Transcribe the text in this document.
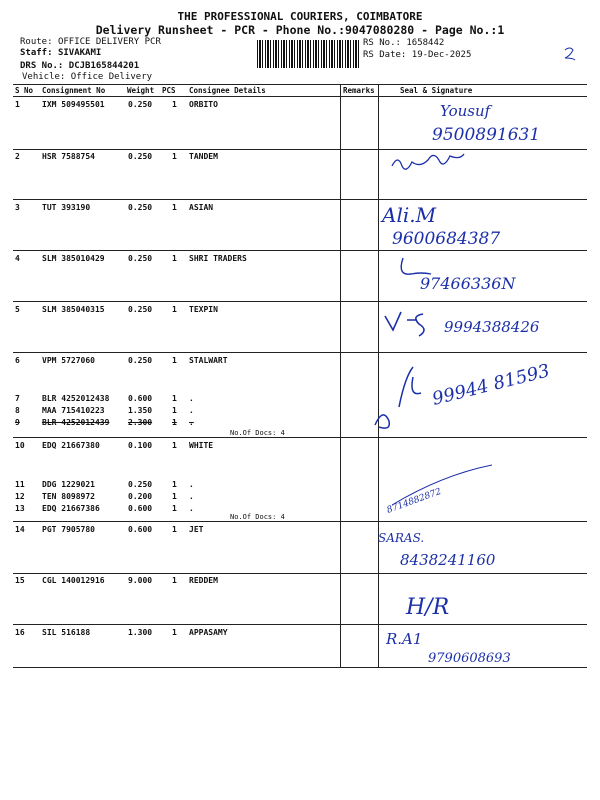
THE PROFESSIONAL COURIERS, COIMBATORE
Delivery Runsheet - PCR - Phone No.:9047080280 - Page No.:1
Route: OFFICE DELIVERY PCR
Staff: SIVAKAMI
DRS No.: DCJB165844201
Vehicle: Office Delivery
RS No.: 1658442
RS Date: 19-Dec-2025
S No Consignment No	Weight PCS Consignee Details	Remarks	Seal & Signature
1	IXM 509495501	0.250 1 ORBITO
2	HSR 7588754	0.250 1 TANDEM
3	TUT 393190	0.250 1 ASIAN
4	SLM 385010429	0.250 1 SHRI TRADERS
5	SLM 385040315	0.250 1 TEXPIN
6	VPM 5727060	0.250 1 STALWART
7	BLR 4252012438 0.600 1 .
8	MAA 715410223	1.350 1 .
9	BLR 4252012439 2.300 1 .
10 EDQ 21667380	0.100 1 WHITE
11 DDG 1229021	0.250 1 .
12 TEN 8098972	0.200 1 .
13 EDQ 21667386	0.600 1 .
14 PGT 7905780	0.600 1 JET
15 CGL 140012916	9.000 1 REDDEM
16 SIL 516188	1.300 1 APPASAMY
No.Of Docs: 4
No.Of Docs: 4
Yousuf
9500891631
Ali.M
9600684387
97466336N
9994388426
99944 81593
8714882872
SARAS.
8438241160
H/R
R.A1
9790608693
